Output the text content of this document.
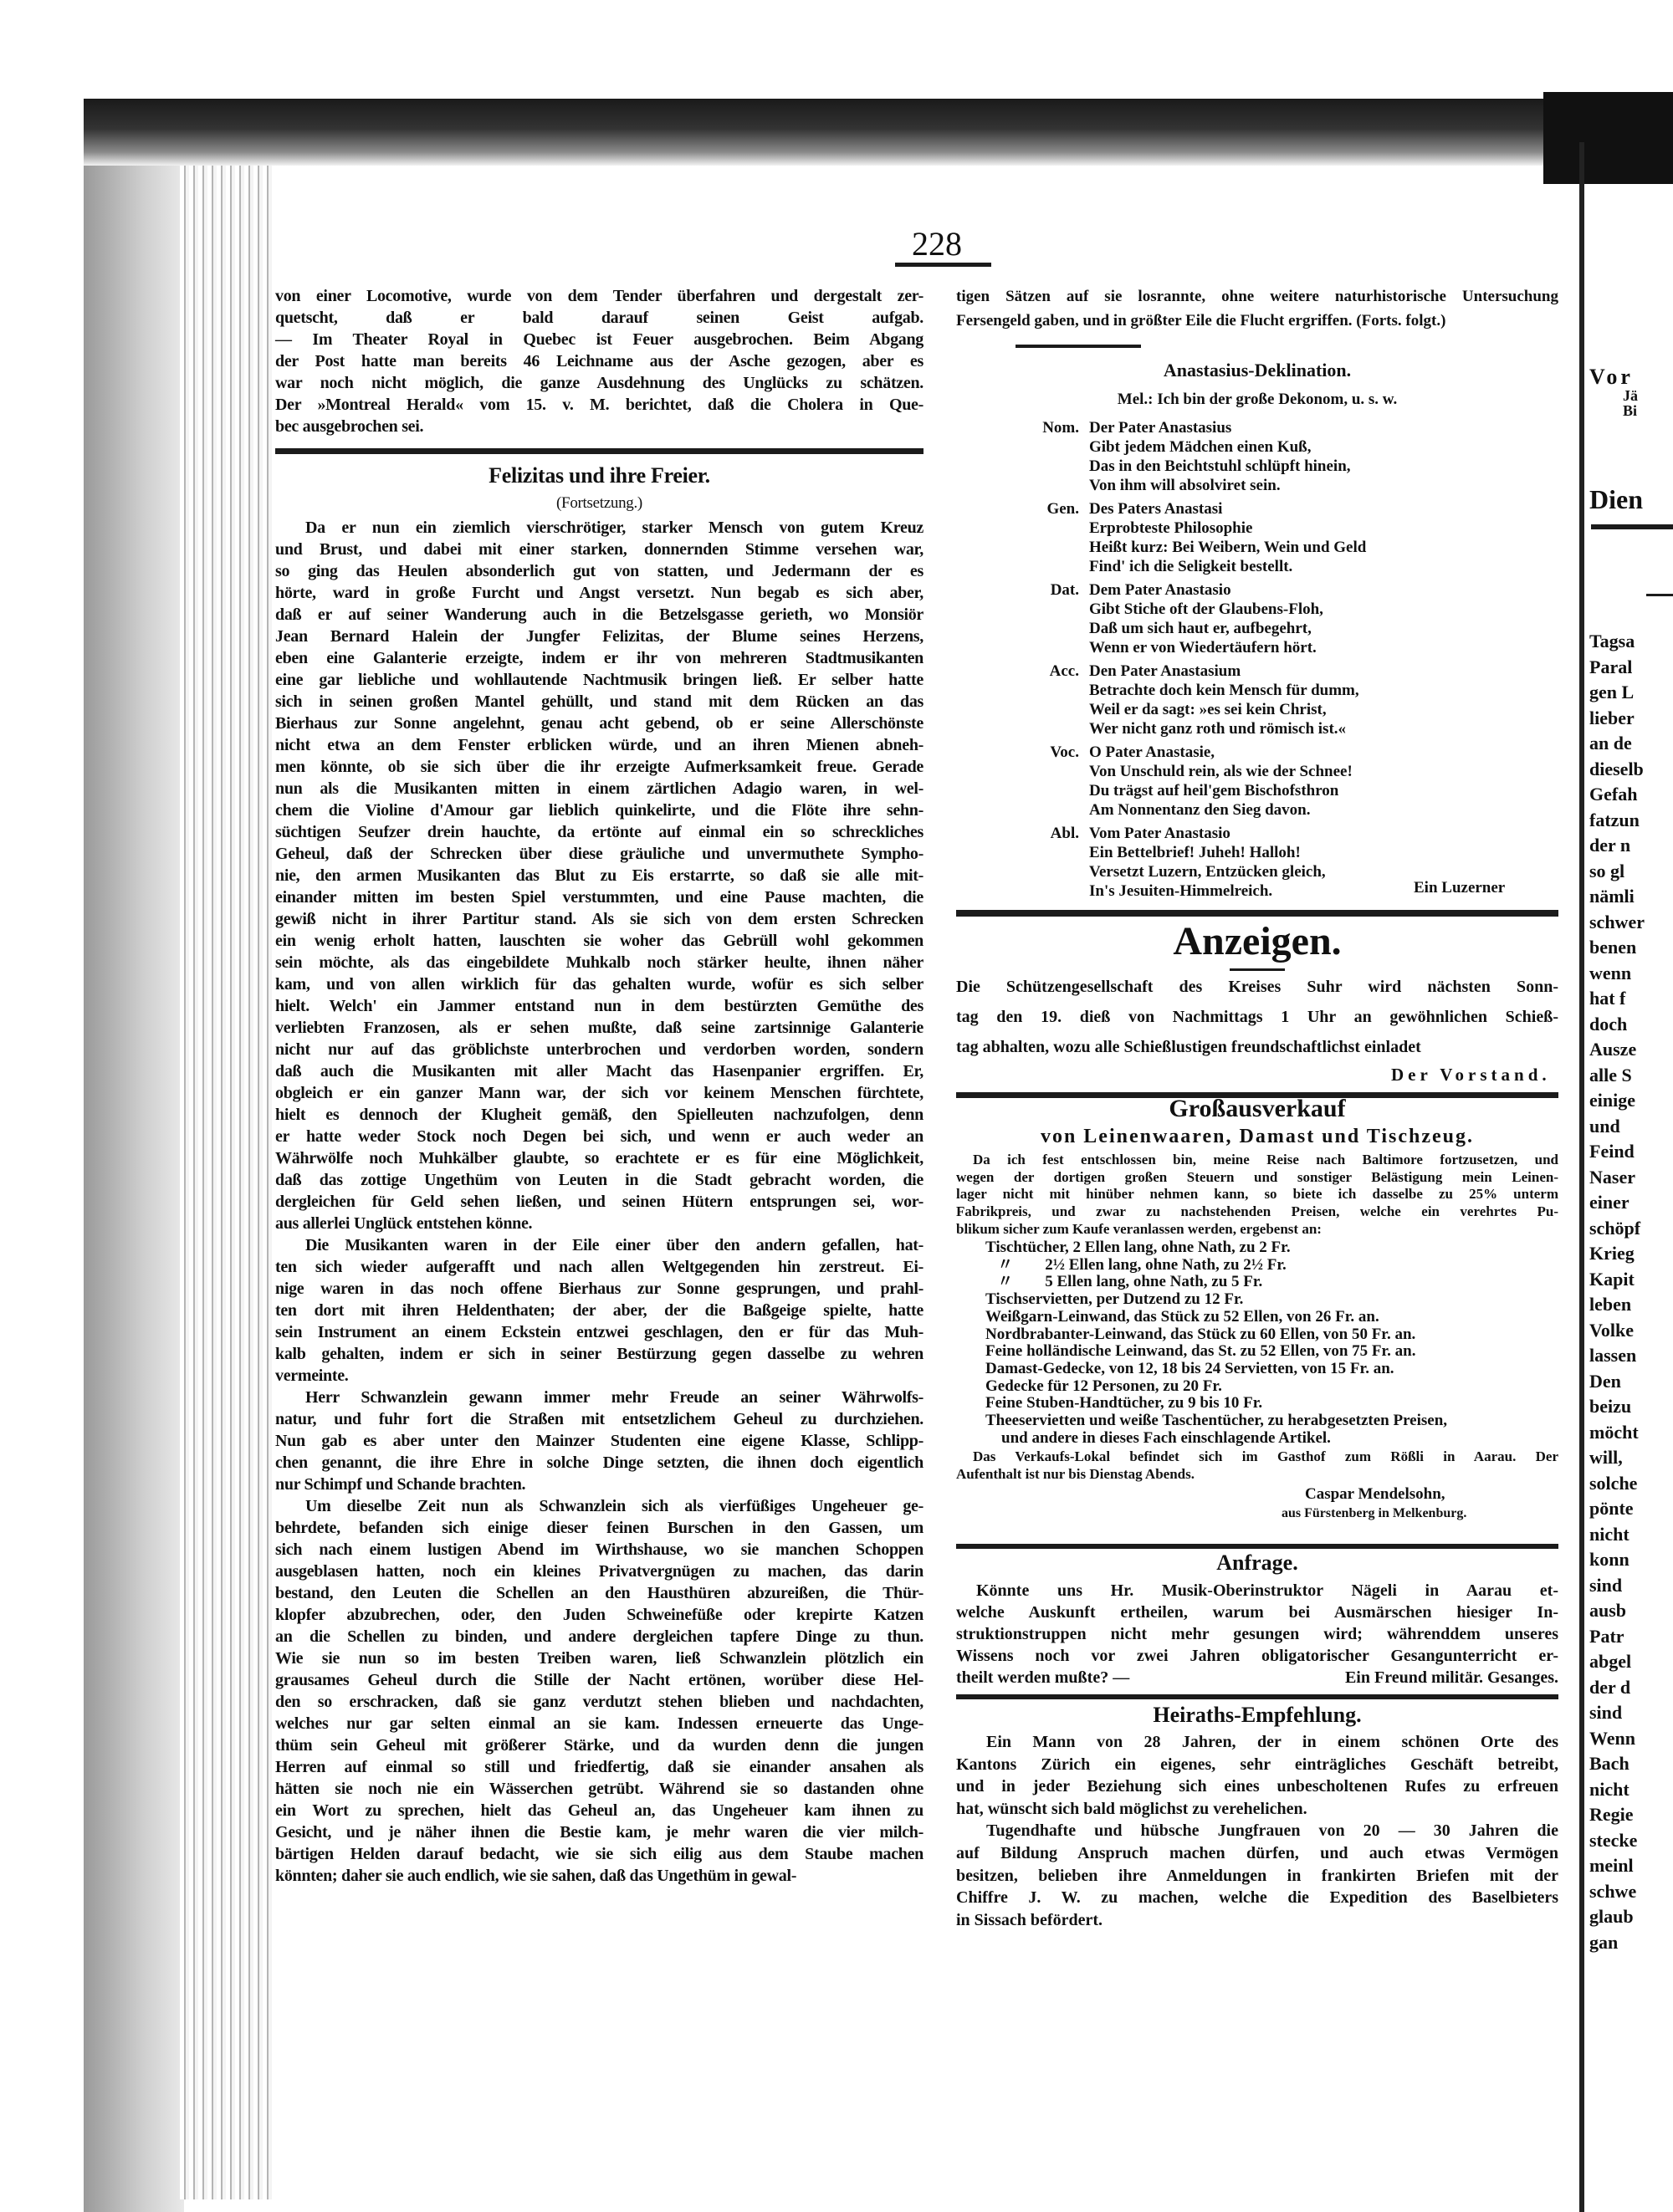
228
von einer Locomotive, wurde von dem Tender überfahren und dergestalt zer-
quetscht, daß er bald darauf seinen Geist aufgab.
— Im Theater Royal in Quebec ist Feuer ausgebrochen. Beim Abgang
der Post hatte man bereits 46 Leichname aus der Asche gezogen, aber es
war noch nicht möglich, die ganze Ausdehnung des Unglücks zu schätzen.
Der »Montreal Herald« vom 15. v. M. berichtet, daß die Cholera in Que-
bec ausgebrochen sei.
Felizitas und ihre Freier.
(Fortsetzung.)
Da er nun ein ziemlich vierschrötiger, starker Mensch von gutem Kreuz
und Brust, und dabei mit einer starken, donnernden Stimme versehen war,
so ging das Heulen absonderlich gut von statten, und Jedermann der es
hörte, ward in große Furcht und Angst versetzt. Nun begab es sich aber,
daß er auf seiner Wanderung auch in die Betzelsgasse gerieth, wo Monsiör
Jean Bernard Halein der Jungfer Felizitas, der Blume seines Herzens,
eben eine Galanterie erzeigte, indem er ihr von mehreren Stadtmusikanten
eine gar liebliche und wohllautende Nachtmusik bringen ließ. Er selber hatte
sich in seinen großen Mantel gehüllt, und stand mit dem Rücken an das
Bierhaus zur Sonne angelehnt, genau acht gebend, ob er seine Allerschönste
nicht etwa an dem Fenster erblicken würde, und an ihren Mienen abneh-
men könnte, ob sie sich über die ihr erzeigte Aufmerksamkeit freue. Gerade
nun als die Musikanten mitten in einem zärtlichen Adagio waren, in wel-
chem die Violine d'Amour gar lieblich quinkelirte, und die Flöte ihre sehn-
süchtigen Seufzer drein hauchte, da ertönte auf einmal ein so schreckliches
Geheul, daß der Schrecken über diese gräuliche und unvermuthete Sympho-
nie, den armen Musikanten das Blut zu Eis erstarrte, so daß sie alle mit-
einander mitten im besten Spiel verstummten, und eine Pause machten, die
gewiß nicht in ihrer Partitur stand. Als sie sich von dem ersten Schrecken
ein wenig erholt hatten, lauschten sie woher das Gebrüll wohl gekommen
sein möchte, als das eingebildete Muhkalb noch stärker heulte, ihnen näher
kam, und von allen wirklich für das gehalten wurde, wofür es sich selber
hielt. Welch' ein Jammer entstand nun in dem bestürzten Gemüthe des
verliebten Franzosen, als er sehen mußte, daß seine zartsinnige Galanterie
nicht nur auf das gröblichste unterbrochen und verdorben worden, sondern
daß auch die Musikanten mit aller Macht das Hasenpanier ergriffen. Er,
obgleich er ein ganzer Mann war, der sich vor keinem Menschen fürchtete,
hielt es dennoch der Klugheit gemäß, den Spielleuten nachzufolgen, denn
er hatte weder Stock noch Degen bei sich, und wenn er auch weder an
Währwölfe noch Muhkälber glaubte, so erachtete er es für eine Möglichkeit,
daß das zottige Ungethüm von Leuten in die Stadt gebracht worden, die
dergleichen für Geld sehen ließen, und seinen Hütern entsprungen sei, wor-
aus allerlei Unglück entstehen könne.
Die Musikanten waren in der Eile einer über den andern gefallen, hat-
ten sich wieder aufgerafft und nach allen Weltgegenden hin zerstreut. Ei-
nige waren in das noch offene Bierhaus zur Sonne gesprungen, und prahl-
ten dort mit ihren Heldenthaten; der aber, der die Baßgeige spielte, hatte
sein Instrument an einem Eckstein entzwei geschlagen, den er für das Muh-
kalb gehalten, indem er sich in seiner Bestürzung gegen dasselbe zu wehren
vermeinte.
Herr Schwanzlein gewann immer mehr Freude an seiner Währwolfs-
natur, und fuhr fort die Straßen mit entsetzlichem Geheul zu durchziehen.
Nun gab es aber unter den Mainzer Studenten eine eigene Klasse, Schlipp-
chen genannt, die ihre Ehre in solche Dinge setzten, die ihnen doch eigentlich
nur Schimpf und Schande brachten.
Um dieselbe Zeit nun als Schwanzlein sich als vierfüßiges Ungeheuer ge-
behrdete, befanden sich einige dieser feinen Burschen in den Gassen, um
sich nach einem lustigen Abend im Wirthshause, wo sie manchen Schoppen
ausgeblasen hatten, noch ein kleines Privatvergnügen zu machen, das darin
bestand, den Leuten die Schellen an den Hausthüren abzureißen, die Thür-
klopfer abzubrechen, oder, den Juden Schweinefüße oder krepirte Katzen
an die Schellen zu binden, und andere dergleichen tapfere Dinge zu thun.
Wie sie nun so im besten Treiben waren, ließ Schwanzlein plötzlich ein
grausames Geheul durch die Stille der Nacht ertönen, worüber diese Hel-
den so erschracken, daß sie ganz verdutzt stehen blieben und nachdachten,
welches nur gar selten einmal an sie kam. Indessen erneuerte das Unge-
thüm sein Geheul mit größerer Stärke, und da wurden denn die jungen
Herren auf einmal so still und friedfertig, daß sie einander ansahen als
hätten sie noch nie ein Wässerchen getrübt. Während sie so dastanden ohne
ein Wort zu sprechen, hielt das Geheul an, das Ungeheuer kam ihnen zu
Gesicht, und je näher ihnen die Bestie kam, je mehr waren die vier milch-
bärtigen Helden darauf bedacht, wie sie sich eilig aus dem Staube machen
könnten; daher sie auch endlich, wie sie sahen, daß das Ungethüm in gewal-
tigen Sätzen auf sie losrannte, ohne weitere naturhistorische Untersuchung
Fersengeld gaben, und in größter Eile die Flucht ergriffen. (Forts. folgt.)
Anastasius-Deklination.
Mel.: Ich bin der große Dekonom, u. s. w.
Nom. Der Pater Anastasius
Gibt jedem Mädchen einen Kuß,
Das in den Beichtstuhl schlüpft hinein,
Von ihm will absolviret sein.
Gen. Des Paters Anastasi
Erprobteste Philosophie
Heißt kurz: Bei Weibern, Wein und Geld
Find' ich die Seligkeit bestellt.
Dat. Dem Pater Anastasio
Gibt Stiche oft der Glaubens-Floh,
Daß um sich haut er, aufbegehrt,
Wenn er von Wiedertäufern hört.
Acc. Den Pater Anastasium
Betrachte doch kein Mensch für dumm,
Weil er da sagt: »es sei kein Christ,
Wer nicht ganz roth und römisch ist.«
Voc. O Pater Anastasie,
Von Unschuld rein, als wie der Schnee!
Du trägst auf heil'gem Bischofsthron
Am Nonnentanz den Sieg davon.
Abl. Vom Pater Anastasio
Ein Bettelbrief! Juheh! Halloh!
Versetzt Luzern, Entzücken gleich,
In's Jesuiten-Himmelreich.	Ein Luzerner
Anzeigen.
Die Schützengesellschaft des Kreises Suhr wird nächsten Sonn-
tag den 19. dieß von Nachmittags 1 Uhr an gewöhnlichen Schieß-
tag abhalten, wozu alle Schießlustigen freundschaftlichst einladet
Der Vorstand.
Großausverkauf
von Leinenwaaren, Damast und Tischzeug.
Da ich fest entschlossen bin, meine Reise nach Baltimore fortzusetzen, und
wegen der dortigen großen Steuern und sonstiger Belästigung mein Leinen-
lager nicht mit hinüber nehmen kann, so biete ich dasselbe zu 25% unterm
Fabrikpreis, und zwar zu nachstehenden Preisen, welche ein verehrtes Pu-
blikum sicher zum Kaufe veranlassen werden, ergebenst an:
Tischtücher, 2 Ellen lang, ohne Nath, zu 2 Fr.
〃        2½ Ellen lang, ohne Nath, zu 2½ Fr.
〃        5 Ellen lang, ohne Nath, zu 5 Fr.
Tischservietten, per Dutzend zu 12 Fr.
Weißgarn-Leinwand, das Stück zu 52 Ellen, von 26 Fr. an.
Nordbrabanter-Leinwand, das Stück zu 60 Ellen, von 50 Fr. an.
Feine holländische Leinwand, das St. zu 52 Ellen, von 75 Fr. an.
Damast-Gedecke, von 12, 18 bis 24 Servietten, von 15 Fr. an.
Gedecke für 12 Personen, zu 20 Fr.
Feine Stuben-Handtücher, zu 9 bis 10 Fr.
Theeservietten und weiße Taschentücher, zu herabgesetzten Preisen,
und andere in dieses Fach einschlagende Artikel.
Das Verkaufs-Lokal befindet sich im Gasthof zum Rößli in Aarau. Der
Aufenthalt ist nur bis Dienstag Abends.
Caspar Mendelsohn,
aus Fürstenberg in Melkenburg.
Anfrage.
Könnte uns Hr. Musik-Oberinstruktor Nägeli in Aarau et-
welche Auskunft ertheilen, warum bei Ausmärschen hiesiger In-
struktionstruppen nicht mehr gesungen wird; währenddem unseres
Wissens noch vor zwei Jahren obligatorischer Gesangunterricht er-
theilt werden mußte? —	Ein Freund militär. Gesanges.
Heiraths-Empfehlung.
Ein Mann von 28 Jahren, der in einem schönen Orte des
Kantons Zürich ein eigenes, sehr einträgliches Geschäft betreibt,
und in jeder Beziehung sich eines unbescholtenen Rufes zu erfreuen
hat, wünscht sich bald möglichst zu verehelichen.
Tugendhafte und hübsche Jungfrauen von 20 — 30 Jahren die
auf Bildung Anspruch machen dürfen, und auch etwas Vermögen
besitzen, belieben ihre Anmeldungen in frankirten Briefen mit der
Chiffre J. W. zu machen, welche die Expedition des Baselbieters
in Sissach befördert.
Vor
Jä
Bi
Dien
Tagsa
Paral
gen L
lieber
an de
dieselb
Gefah
fatzun
der n
so gl
nämli
schwer
benen
wenn
hat f
doch
Ausze
alle S
einige
und
Feind
Naser
einer
schöpf
Krieg
Kapit
leben
Volke
lassen
Den
beizu
möcht
will,
solche
pönte
nicht
konn
sind
ausb
Patr
abgel
der d
sind
Wenn
Bach
nicht
Regie
stecke
meinl
schwe
glaub
gan
